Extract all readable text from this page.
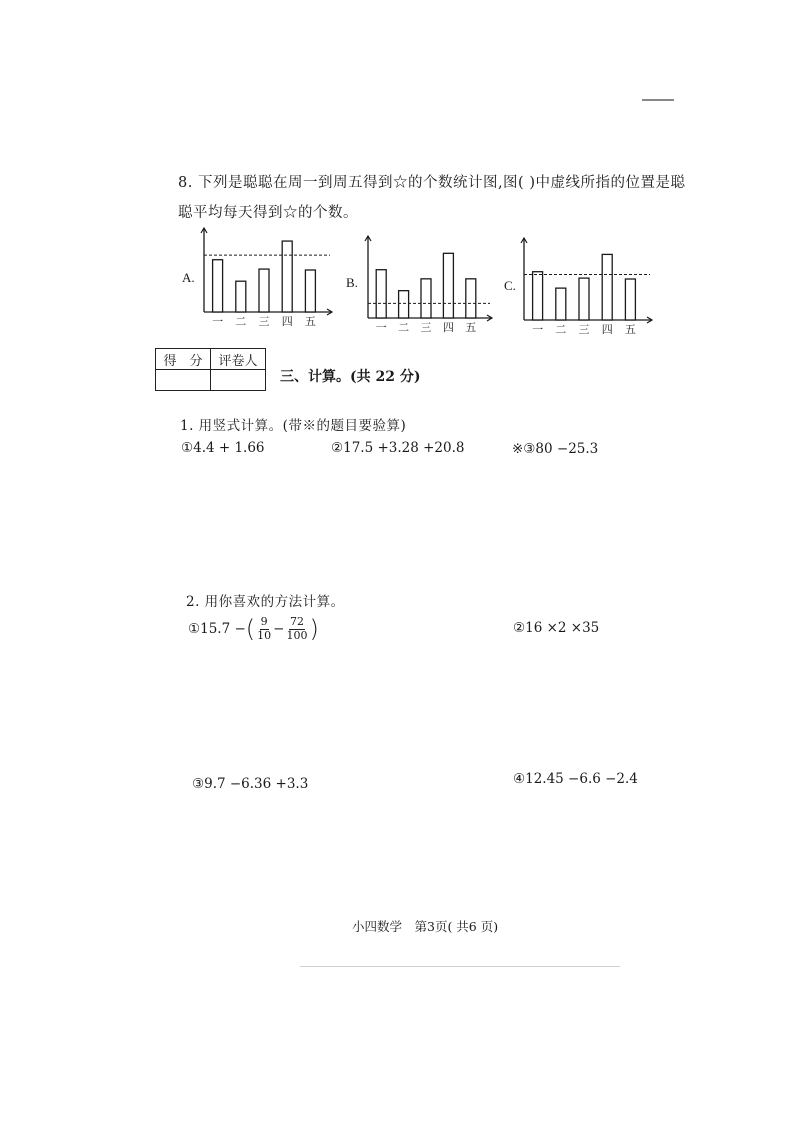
8. 下列是聪聪在周一到周五得到☆的个数统计图,图( )中虚线所指的位置是聪
聪平均每天得到☆的个数。
A.
一 二 三 四 五
B.
一 二 三 四 五
C.
一 二 三 四 五
得　分	评卷人

三、计算。(共 22 分)
1. 用竖式计算。(带※的题目要验算)
①4.4 + 1.66	②17.5 +3.28 +20.8	※③80 −25.3
2. 用你喜欢的方法计算。
①15.7 − ( $\frac{9}{10} - \frac{72}{100}$ )	②16 ×2 ×35
③9.7 −6.36 +3.3	④12.45 −6.6 −2.4
小四数学　第3页( 共6 页)
